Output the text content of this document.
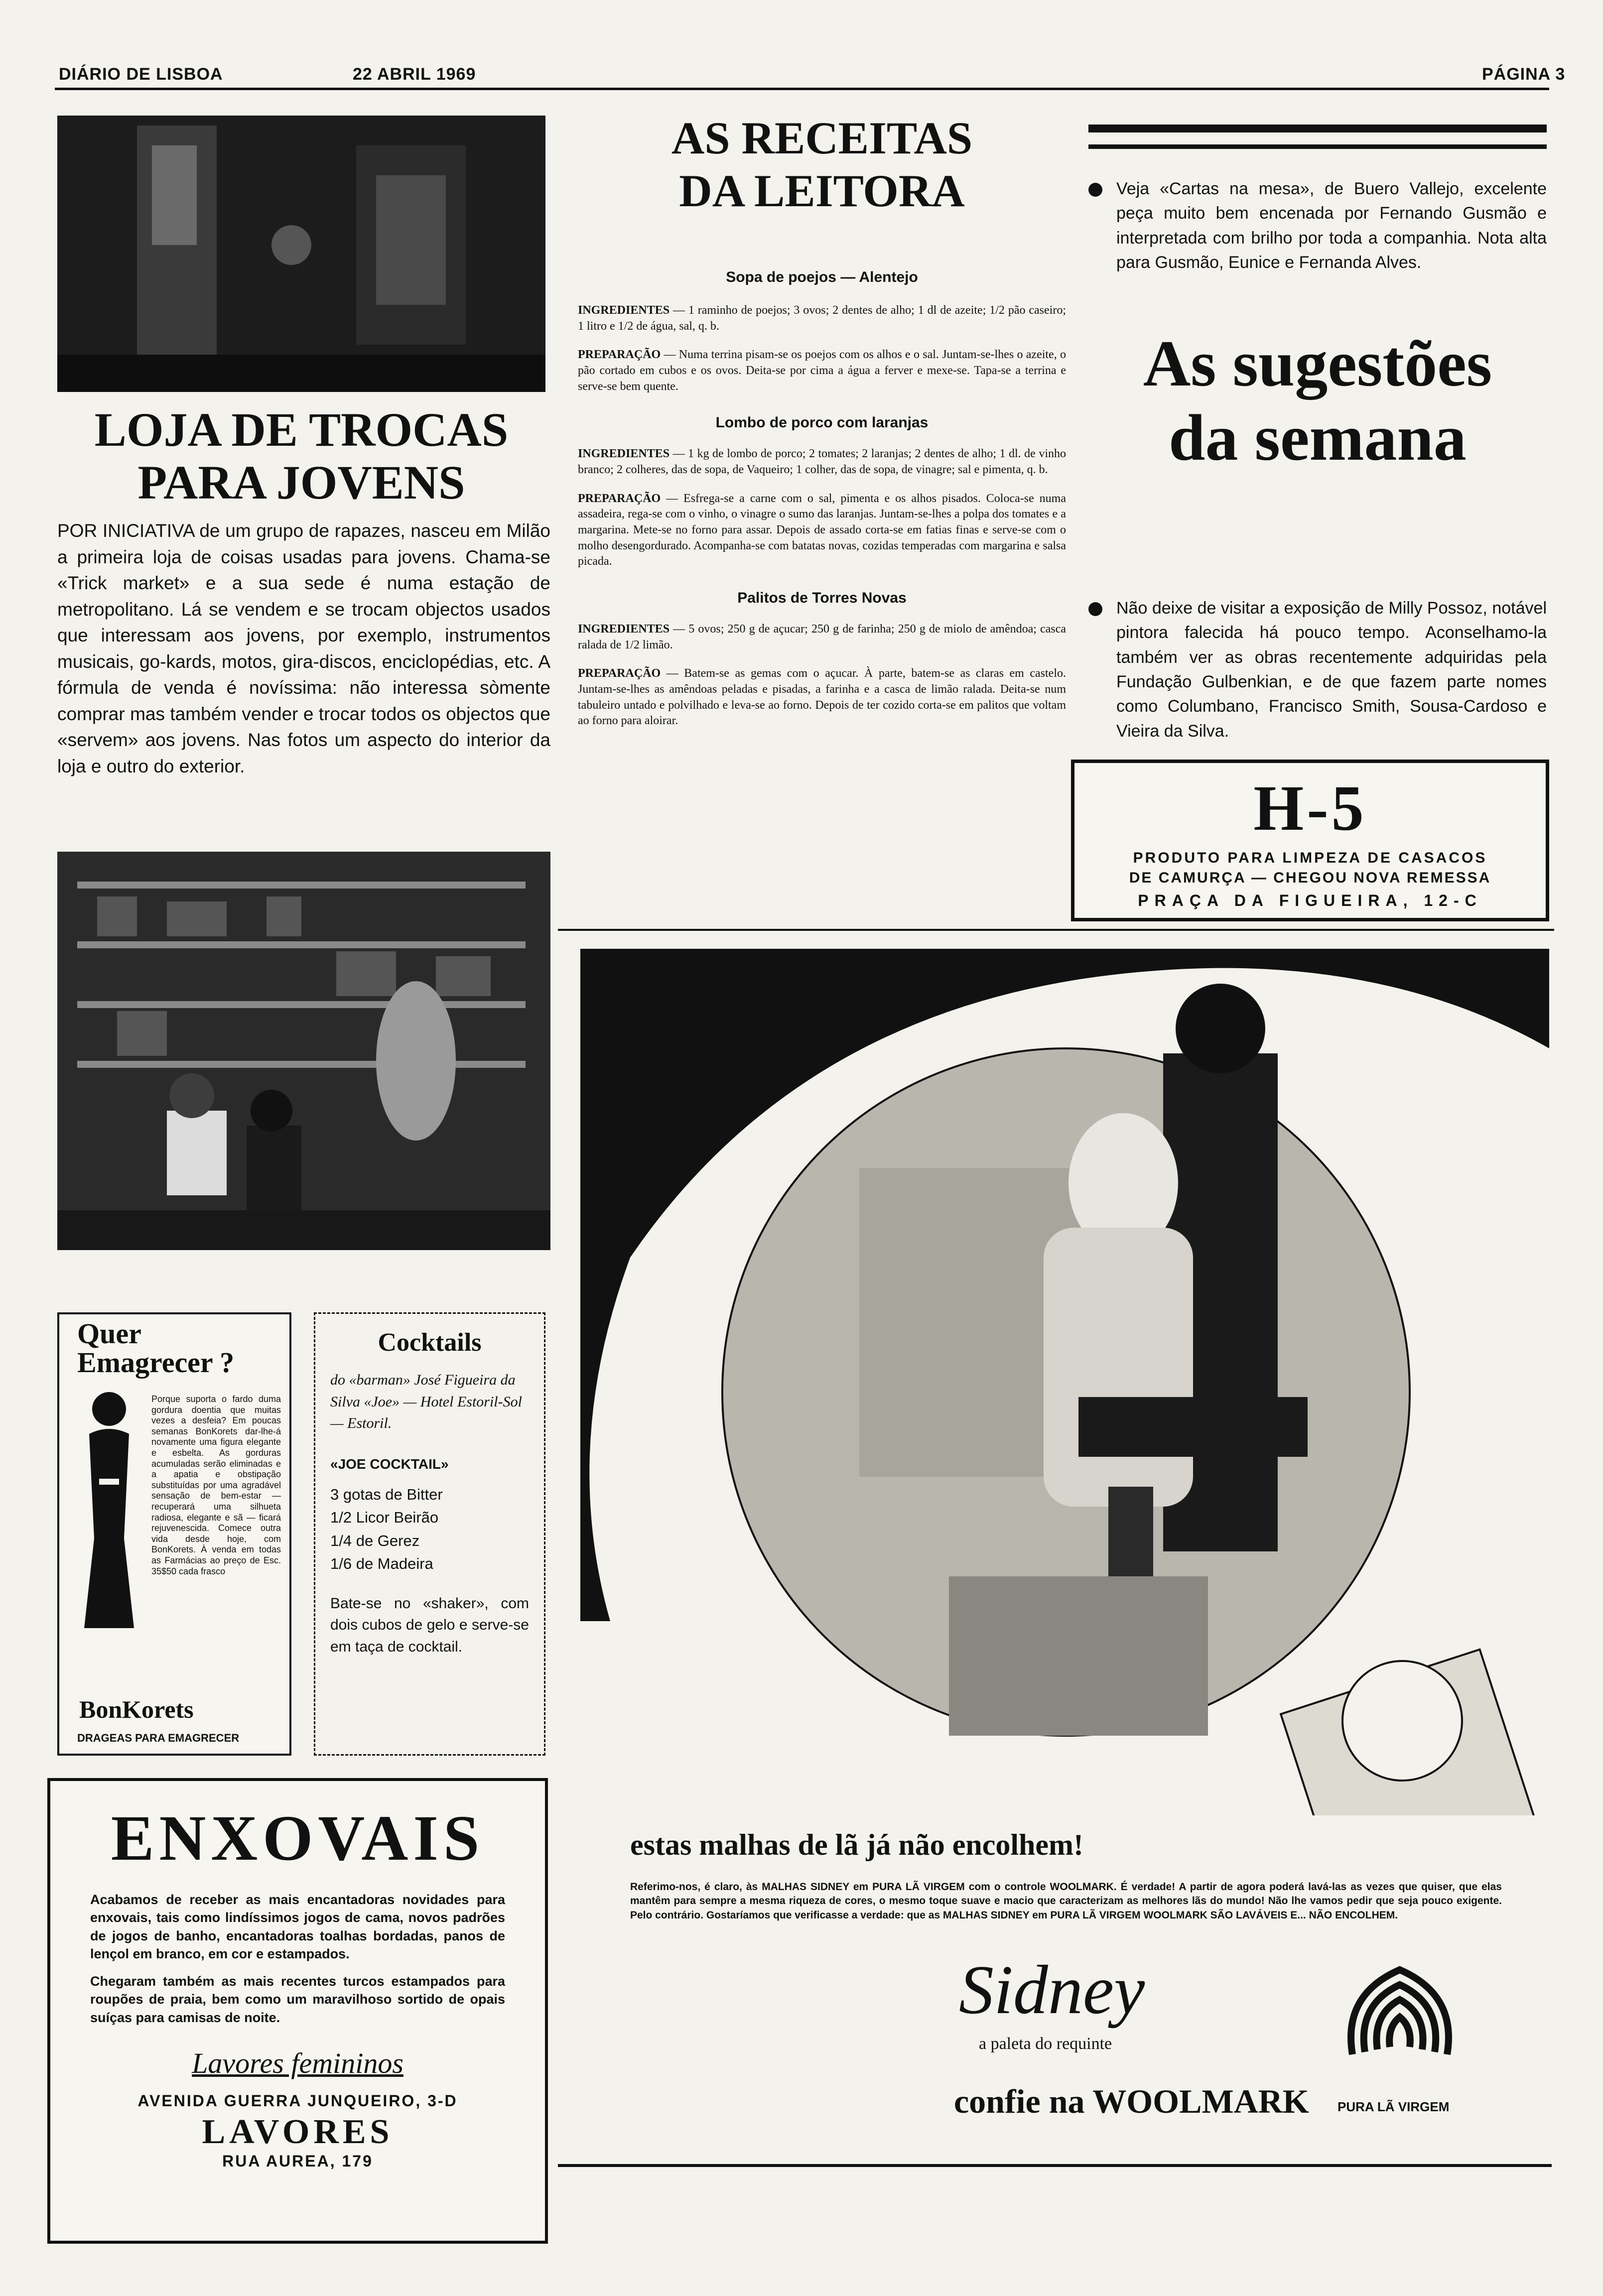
DIÁRIO DE LISBOA	22 ABRIL 1969	PÁGINA 3
LOJA DE TROCAS
PARA JOVENS
POR INICIATIVA de um grupo de rapazes, nasceu em Milão a primeira loja de coisas usadas para jovens. Chama-se «Trick market» e a sua sede é numa estação de metropolitano. Lá se vendem e se trocam objectos usados que interessam aos jovens, por exemplo, instrumentos musicais, go-kards, motos, gira-discos, enciclopédias, etc. A fórmula de venda é novíssima: não interessa sòmente comprar mas também vender e trocar todos os objectos que «servem» aos jovens. Nas fotos um aspecto do interior da loja e outro do exterior.
Quer
Emagrecer ?
Porque suporta o fardo duma gordura doentia que muitas vezes a desfeia? Em poucas semanas BonKorets dar-lhe-á novamente uma figura elegante e esbelta. As gorduras acumuladas serão eliminadas e a apatia e obstipação substituídas por uma agradável sensação de bem-estar — recuperará uma silhueta radiosa, elegante e sã — ficará rejuvenescida. Comece outra vida desde hoje, com BonKorets. À venda em todas as Farmácias ao preço de Esc. 35$50 cada frasco
BonKorets
DRAGEAS PARA EMAGRECER
Cocktails
do «barman» José Figueira da Silva «Joe» — Hotel Estoril-Sol — Estoril.
«JOE COCKTAIL»
3 gotas de Bitter
1/2 Licor Beirão
1/4 de Gerez
1/6 de Madeira
Bate-se no «shaker», com dois cubos de gelo e serve-se em taça de cocktail.
ENXOVAIS
Acabamos de receber as mais encantadoras novidades para enxovais, tais como lindíssimos jogos de cama, novos padrões de jogos de banho, encantadoras toalhas bordadas, panos de lençol em branco, em cor e estampados.
Chegaram também as mais recentes turcos estampados para roupões de praia, bem como um maravilhoso sortido de opais suíças para camisas de noite.
Lavores femininos
AVENIDA GUERRA JUNQUEIRO, 3-D
LAVORES
RUA AUREA, 179
AS RECEITAS
DA LEITORA
Sopa de poejos — Alentejo

INGREDIENTES — 1 raminho de poejos; 3 ovos; 2 dentes de alho; 1 dl de azeite; 1/2 pão caseiro; 1 litro e 1/2 de água, sal, q. b.

PREPARAÇÃO — Numa terrina pisam-se os poejos com os alhos e o sal. Juntam-se-lhes o azeite, o pão cortado em cubos e os ovos. Deita-se por cima a água a ferver e mexe-se. Tapa-se a terrina e serve-se bem quente.

Lombo de porco com laranjas

INGREDIENTES — 1 kg de lombo de porco; 2 tomates; 2 laranjas; 2 dentes de alho; 1 dl. de vinho branco; 2 colheres, das de sopa, de Vaqueiro; 1 colher, das de sopa, de vinagre; sal e pimenta, q. b.

PREPARAÇÃO — Esfrega-se a carne com o sal, pimenta e os alhos pisados. Coloca-se numa assadeira, rega-se com o vinho, o vinagre o sumo das laranjas. Juntam-se-lhes a polpa dos tomates e a margarina. Mete-se no forno para assar. Depois de assado corta-se em fatias finas e serve-se com o molho desengordurado. Acompanha-se com batatas novas, cozidas temperadas com margarina e salsa picada.

Palitos de Torres Novas

INGREDIENTES — 5 ovos; 250 g de açucar; 250 g de farinha; 250 g de miolo de amêndoa; casca ralada de 1/2 limão.

PREPARAÇÃO — Batem-se as gemas com o açucar. À parte, batem-se as claras em castelo. Juntam-se-lhes as amêndoas peladas e pisadas, a farinha e a casca de limão ralada. Deita-se num tabuleiro untado e polvilhado e leva-se ao forno. Depois de ter cozido corta-se em palitos que voltam ao forno para aloirar.

Veja «Cartas na mesa», de Buero Vallejo, excelente peça muito bem encenada por Fernando Gusmão e interpretada com brilho por toda a companhia. Nota alta para Gusmão, Eunice e Fernanda Alves.
As sugestões
da semana
Não deixe de visitar a exposição de Milly Possoz, notável pintora falecida há pouco tempo. Aconselhamo-la também ver as obras recentemente adquiridas pela Fundação Gulbenkian, e de que fazem parte nomes como Columbano, Francisco Smith, Sousa-Cardoso e Vieira da Silva.
H-5
PRODUTO PARA LIMPEZA DE CASACOS
DE CAMURÇA — CHEGOU NOVA REMESSA
PRAÇA DA FIGUEIRA, 12-C
estas malhas de lã já não encolhem!
Referimo-nos, é claro, às MALHAS SIDNEY em PURA LÃ VIRGEM com o controle WOOLMARK. É verdade! A partir de agora poderá lavá-las as vezes que quiser, que elas mantêm para sempre a mesma riqueza de cores, o mesmo toque suave e macio que caracterizam as melhores lãs do mundo! Não lhe vamos pedir que seja pouco exigente. Pelo contrário. Gostaríamos que verificasse a verdade: que as MALHAS SIDNEY em PURA LÃ VIRGEM WOOLMARK SÃO LAVÁVEIS E... NÃO ENCOLHEM.
Sidney
a paleta do requinte
confie na WOOLMARK PURA LÃ VIRGEM
